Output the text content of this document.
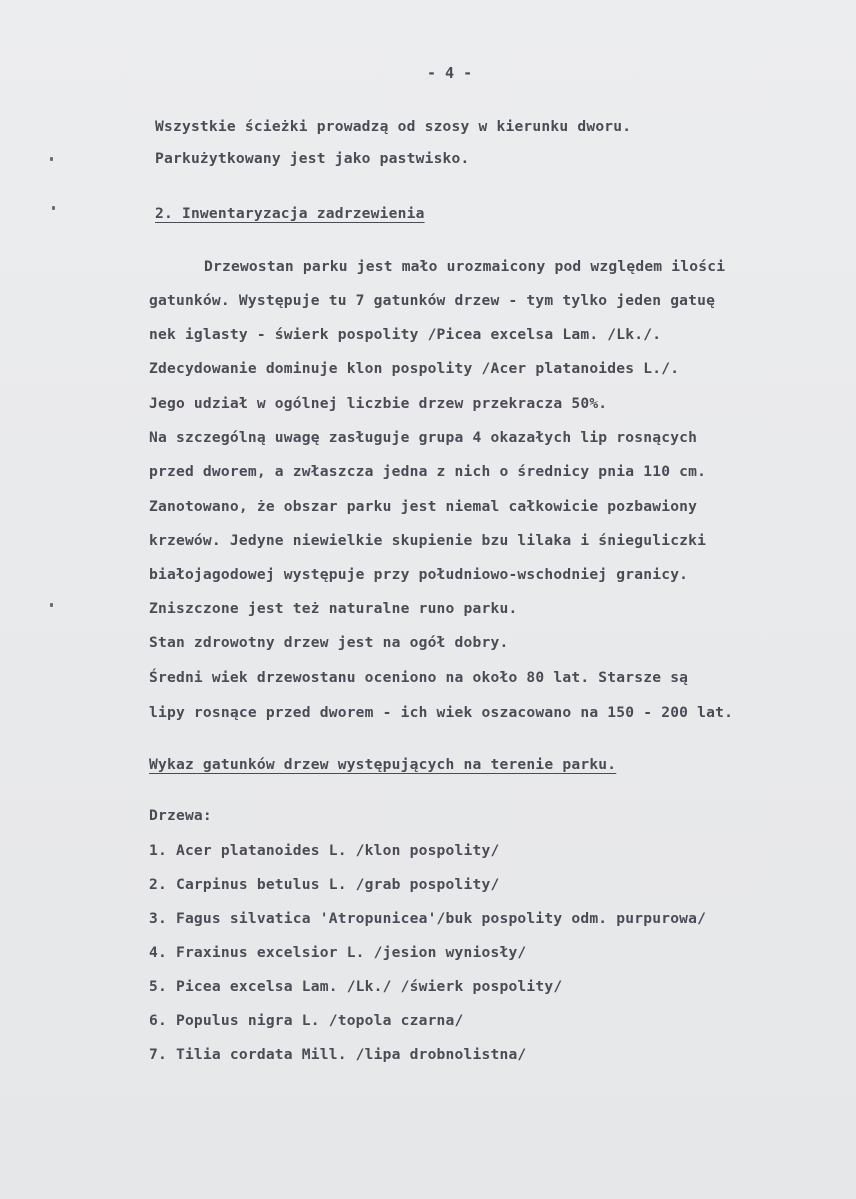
- 4 -
Wszystkie ścieżki prowadzą od szosy w kierunku dworu.
Parkużytkowany jest jako pastwisko.
2. Inwentaryzacja zadrzewienia
Drzewostan parku jest mało urozmaicony pod względem ilości
gatunków. Występuje tu 7 gatunków drzew - tym tylko jeden gatuę
nek iglasty - świerk pospolity /Picea excelsa Lam. /Lk./.
Zdecydowanie dominuje klon pospolity /Acer platanoides L./.
Jego udział w ogólnej liczbie drzew przekracza 50%.
Na szczególną uwagę zasługuje grupa 4 okazałych lip rosnących
przed dworem, a zwłaszcza jedna z nich o średnicy pnia 110 cm.
Zanotowano, że obszar parku jest niemal całkowicie pozbawiony
krzewów. Jedyne niewielkie skupienie bzu lilaka i śnieguliczki
białojagodowej występuje przy południowo-wschodniej granicy.
Zniszczone jest też naturalne runo parku.
Stan zdrowotny drzew jest na ogół dobry.
Średni wiek drzewostanu oceniono na około 80 lat. Starsze są
lipy rosnące przed dworem - ich wiek oszacowano na 150 - 200 lat.
Wykaz gatunków drzew występujących na terenie parku.
Drzewa:
1. Acer platanoides L. /klon pospolity/
2. Carpinus betulus L. /grab pospolity/
3. Fagus silvatica 'Atropunicea'/buk pospolity odm. purpurowa/
4. Fraxinus excelsior L. /jesion wyniosły/
5. Picea excelsa Lam. /Lk./ /świerk pospolity/
6. Populus nigra L. /topola czarna/
7. Tilia cordata Mill. /lipa drobnolistna/
